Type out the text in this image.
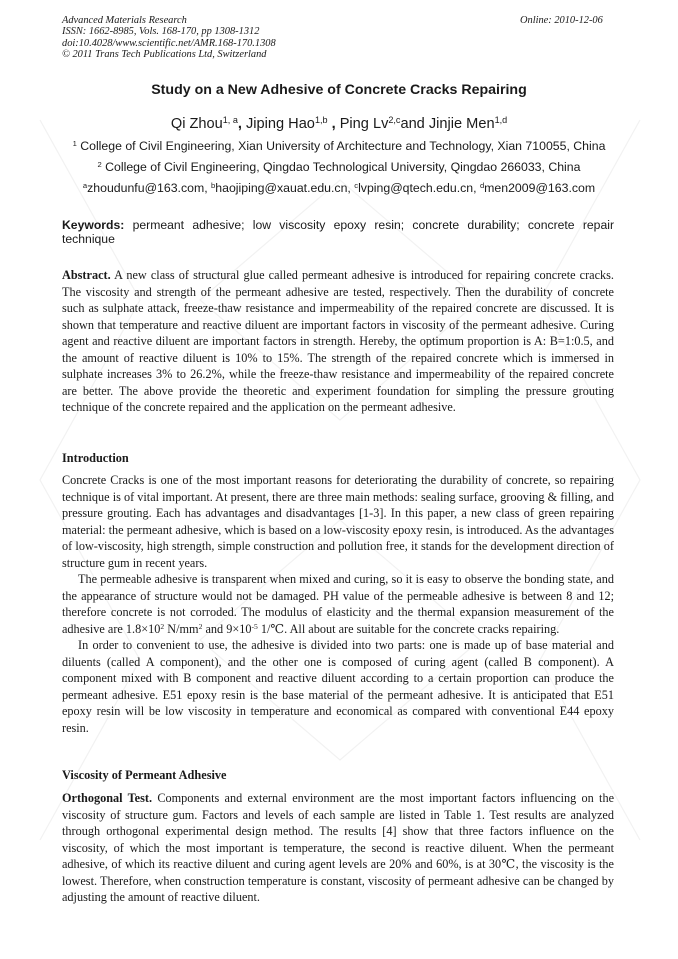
Advanced Materials Research
ISSN: 1662-8985, Vols. 168-170, pp 1308-1312
doi:10.4028/www.scientific.net/AMR.168-170.1308
© 2011 Trans Tech Publications Ltd, Switzerland
Online: 2010-12-06
Study on a New Adhesive of Concrete Cracks Repairing
Qi Zhou$^{1, a}$, Jiping Hao$^{1,b}$ , Ping Lv$^{2,c}$and Jinjie Men$^{1,d}$
$^1$ College of Civil Engineering, Xian University of Architecture and Technology, Xian 710055, China
$^2$ College of Civil Engineering, Qingdao Technological University, Qingdao 266033, China
$^a$zhoudunfu@163.com, $^b$haojiping@xauat.edu.cn, $^c$lvping@qtech.edu.cn, $^d$men2009@163.com
Keywords: permeant adhesive; low viscosity epoxy resin; concrete durability; concrete repair technique

Abstract. A new class of structural glue called permeant adhesive is introduced for repairing concrete cracks. The viscosity and strength of the permeant adhesive are tested, respectively. Then the durability of concrete such as sulphate attack, freeze-thaw resistance and impermeability of the repaired concrete are discussed. It is shown that temperature and reactive diluent are important factors in viscosity of the permeant adhesive. Curing agent and reactive diluent are important factors in strength. Hereby, the optimum proportion is A: B=1:0.5, and the amount of reactive diluent is 10% to 15%. The strength of the repaired concrete which is immersed in sulphate increases 3% to 26.2%, while the freeze-thaw resistance and impermeability of the repaired concrete are better. The above provide the theoretic and experiment foundation for simpling the pressure grouting technique of the concrete repaired and the application on the permeant adhesive.

Introduction

Concrete Cracks is one of the most important reasons for deteriorating the durability of concrete, so repairing technique is of vital important. At present, there are three main methods: sealing surface, grooving & filling, and pressure grouting. Each has advantages and disadvantages [1-3]. In this paper, a new class of green repairing material: the permeant adhesive, which is based on a low-viscosity epoxy resin, is introduced. As the advantages of low-viscosity, high strength, simple construction and pollution free, it stands for the development direction of structure gum in recent years.

The permeable adhesive is transparent when mixed and curing, so it is easy to observe the bonding state, and the appearance of structure would not be damaged. PH value of the permeable adhesive is between 8 and 12; therefore concrete is not corroded. The modulus of elasticity and the thermal expansion measurement of the adhesive are $1.8\times 10^2$ $N/mm^2$ and $9\times 10^{-5}$ 1/℃. All about are suitable for the concrete cracks repairing.

In order to convenient to use, the adhesive is divided into two parts: one is made up of base material and diluents (called A component), and the other one is composed of curing agent (called B component). A component mixed with B component and reactive diluent according to a certain proportion can produce the permeant adhesive. E51 epoxy resin is the base material of the permeant adhesive. It is anticipated that E51 epoxy resin will be low viscosity in temperature and economical as compared with conventional E44 epoxy resin.

Viscosity of Permeant Adhesive

Orthogonal Test. Components and external environment are the most important factors influencing on the viscosity of structure gum. Factors and levels of each sample are listed in Table 1. Test results are analyzed through orthogonal experimental design method. The results [4] show that three factors influence on the viscosity, of which the most important is temperature, the second is reactive diluent. When the permeant adhesive, of which its reactive diluent and curing agent levels are 20% and 60%, is at 30℃, the viscosity is the lowest. Therefore, when construction temperature is constant, viscosity of permeant adhesive can be changed by adjusting the amount of reactive diluent.
